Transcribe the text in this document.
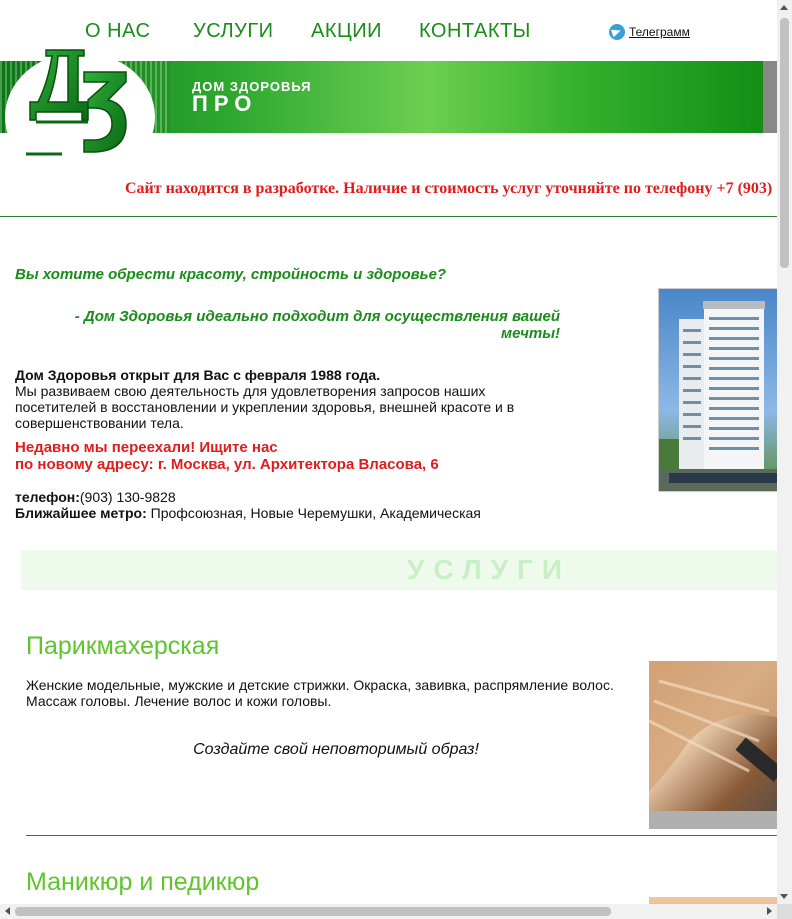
О НАС УСЛУГИ АКЦИИ КОНТАКТЫ	Телеграмм
ДОМ ЗДОРОВЬЯ
ПРО
Сайт находится в разработке. Наличие и стоимость услуг уточняйте по телефону +7 (903)
Вы хотите обрести красоту, стройность и здоровье?
- Дом Здоровья идеально подходит для осуществления вашей мечты!
Дом Здоровья открыт для Вас с февраля 1988 года.
Мы развиваем свою деятельность для удовлетворения запросов наших посетителей в восстановлении и укреплении здоровья, внешней красоте и в совершенствовании тела.
Недавно мы переехали! Ищите нас
по новому адресу: г. Москва, ул. Архитектора Власова, 6
телефон:(903) 130-9828
Ближайшее метро: Профсоюзная, Новые Черемушки, Академическая
УСЛУГИ
Парикмахерская
Женские модельные, мужские и детские стрижки. Окраска, завивка, распрямление волос. Массаж головы. Лечение волос и кожи головы.
Создайте свой неповторимый образ!
Маникюр и педикюр
